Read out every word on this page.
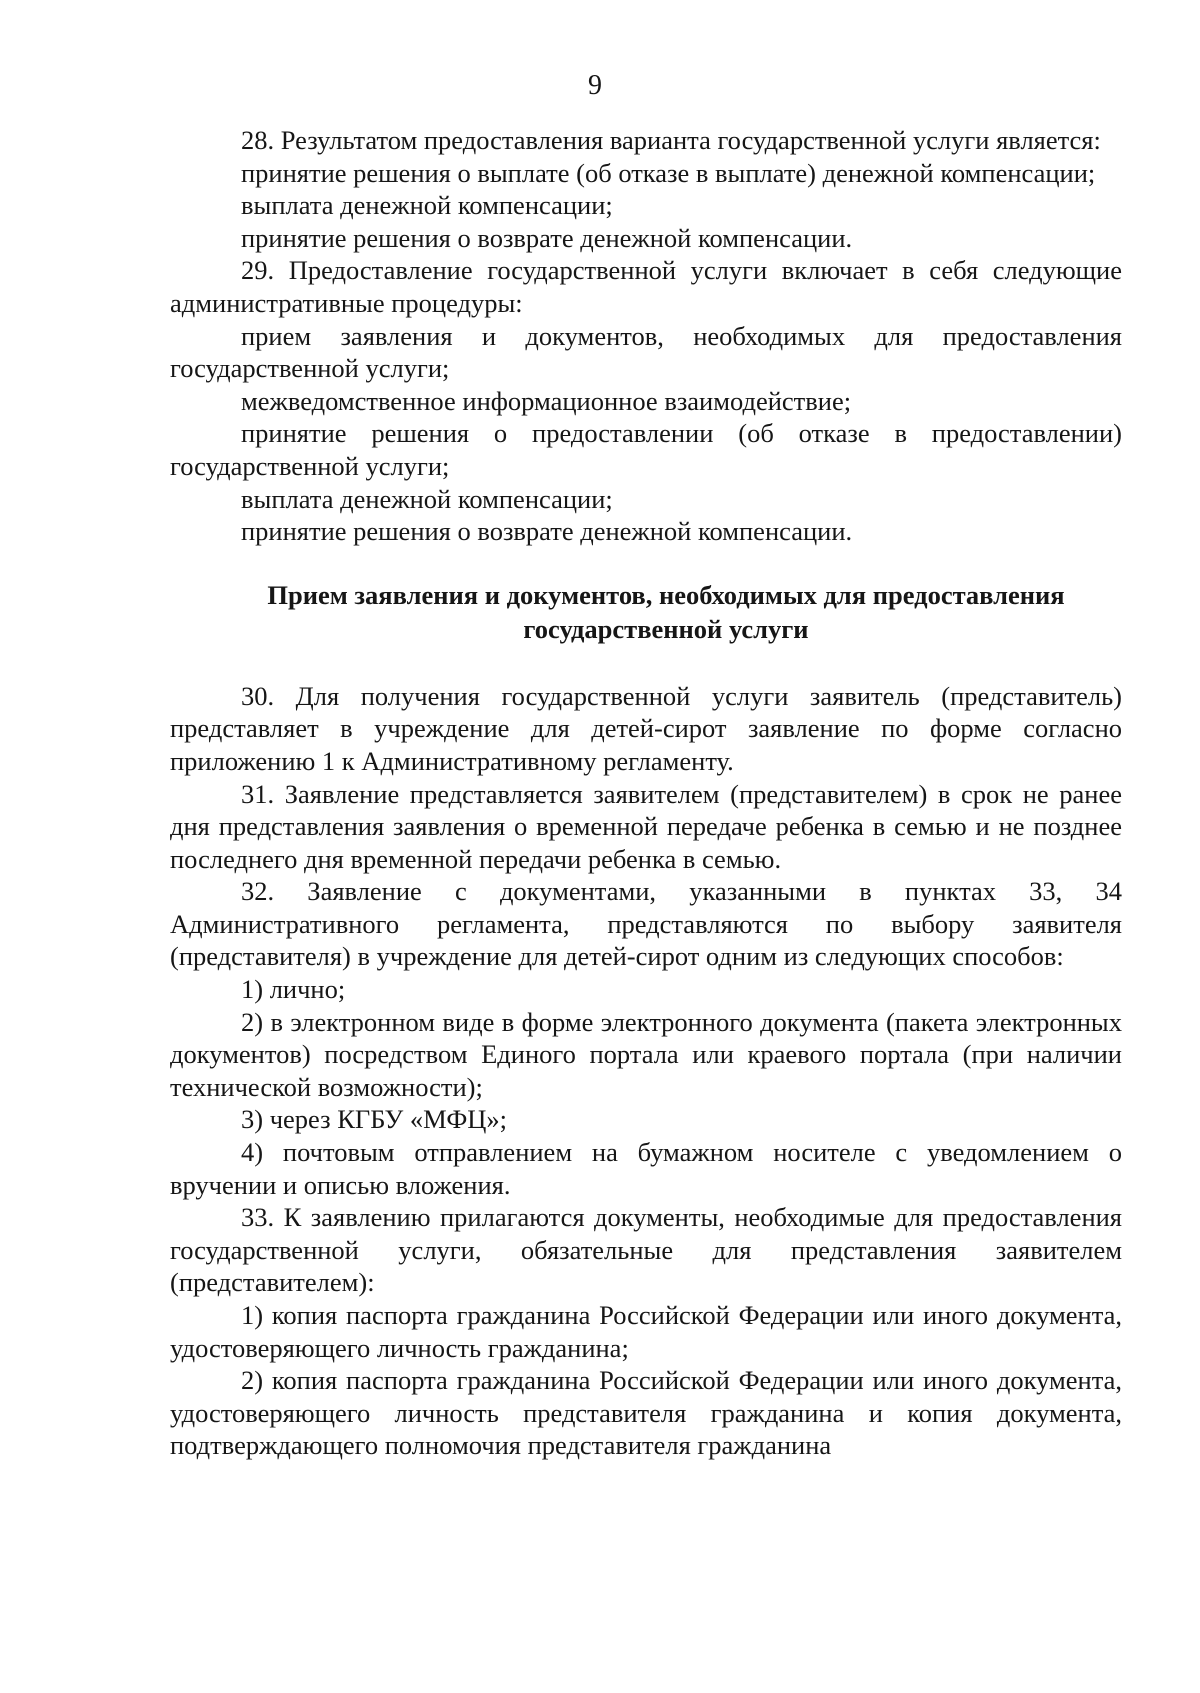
9

28. Результатом предоставления варианта государственной услуги является:

принятие решения о выплате (об отказе в выплате) денежной компенсации;

выплата денежной компенсации;

принятие решения о возврате денежной компенсации.

29. Предоставление государственной услуги включает в себя следующие административные процедуры:

прием заявления и документов, необходимых для предоставления государственной услуги;

межведомственное информационное взаимодействие;

принятие решения о предоставлении (об отказе в предоставлении) государственной услуги;

выплата денежной компенсации;

принятие решения о возврате денежной компенсации.

Прием заявления и документов, необходимых для предоставления
государственной услуги

30. Для получения государственной услуги заявитель (представитель) представляет в учреждение для детей-сирот заявление по форме согласно приложению 1 к Административному регламенту.

31. Заявление представляется заявителем (представителем) в срок не ранее дня представления заявления о временной передаче ребенка в семью и не позднее последнего дня временной передачи ребенка в семью.

32. Заявление с документами, указанными в пунктах 33, 34 Административного регламента, представляются по выбору заявителя (представителя) в учреждение для детей-сирот одним из следующих способов:

1) лично;

2) в электронном виде в форме электронного документа (пакета электронных документов) посредством Единого портала или краевого портала (при наличии технической возможности);

3) через КГБУ «МФЦ»;

4) почтовым отправлением на бумажном носителе с уведомлением о вручении и описью вложения.

33. К заявлению прилагаются документы, необходимые для предоставления государственной услуги, обязательные для представления заявителем (представителем):

1) копия паспорта гражданина Российской Федерации или иного документа, удостоверяющего личность гражданина;

2) копия паспорта гражданина Российской Федерации или иного документа, удостоверяющего личность представителя гражданина и копия документа, подтверждающего полномочия представителя гражданина
